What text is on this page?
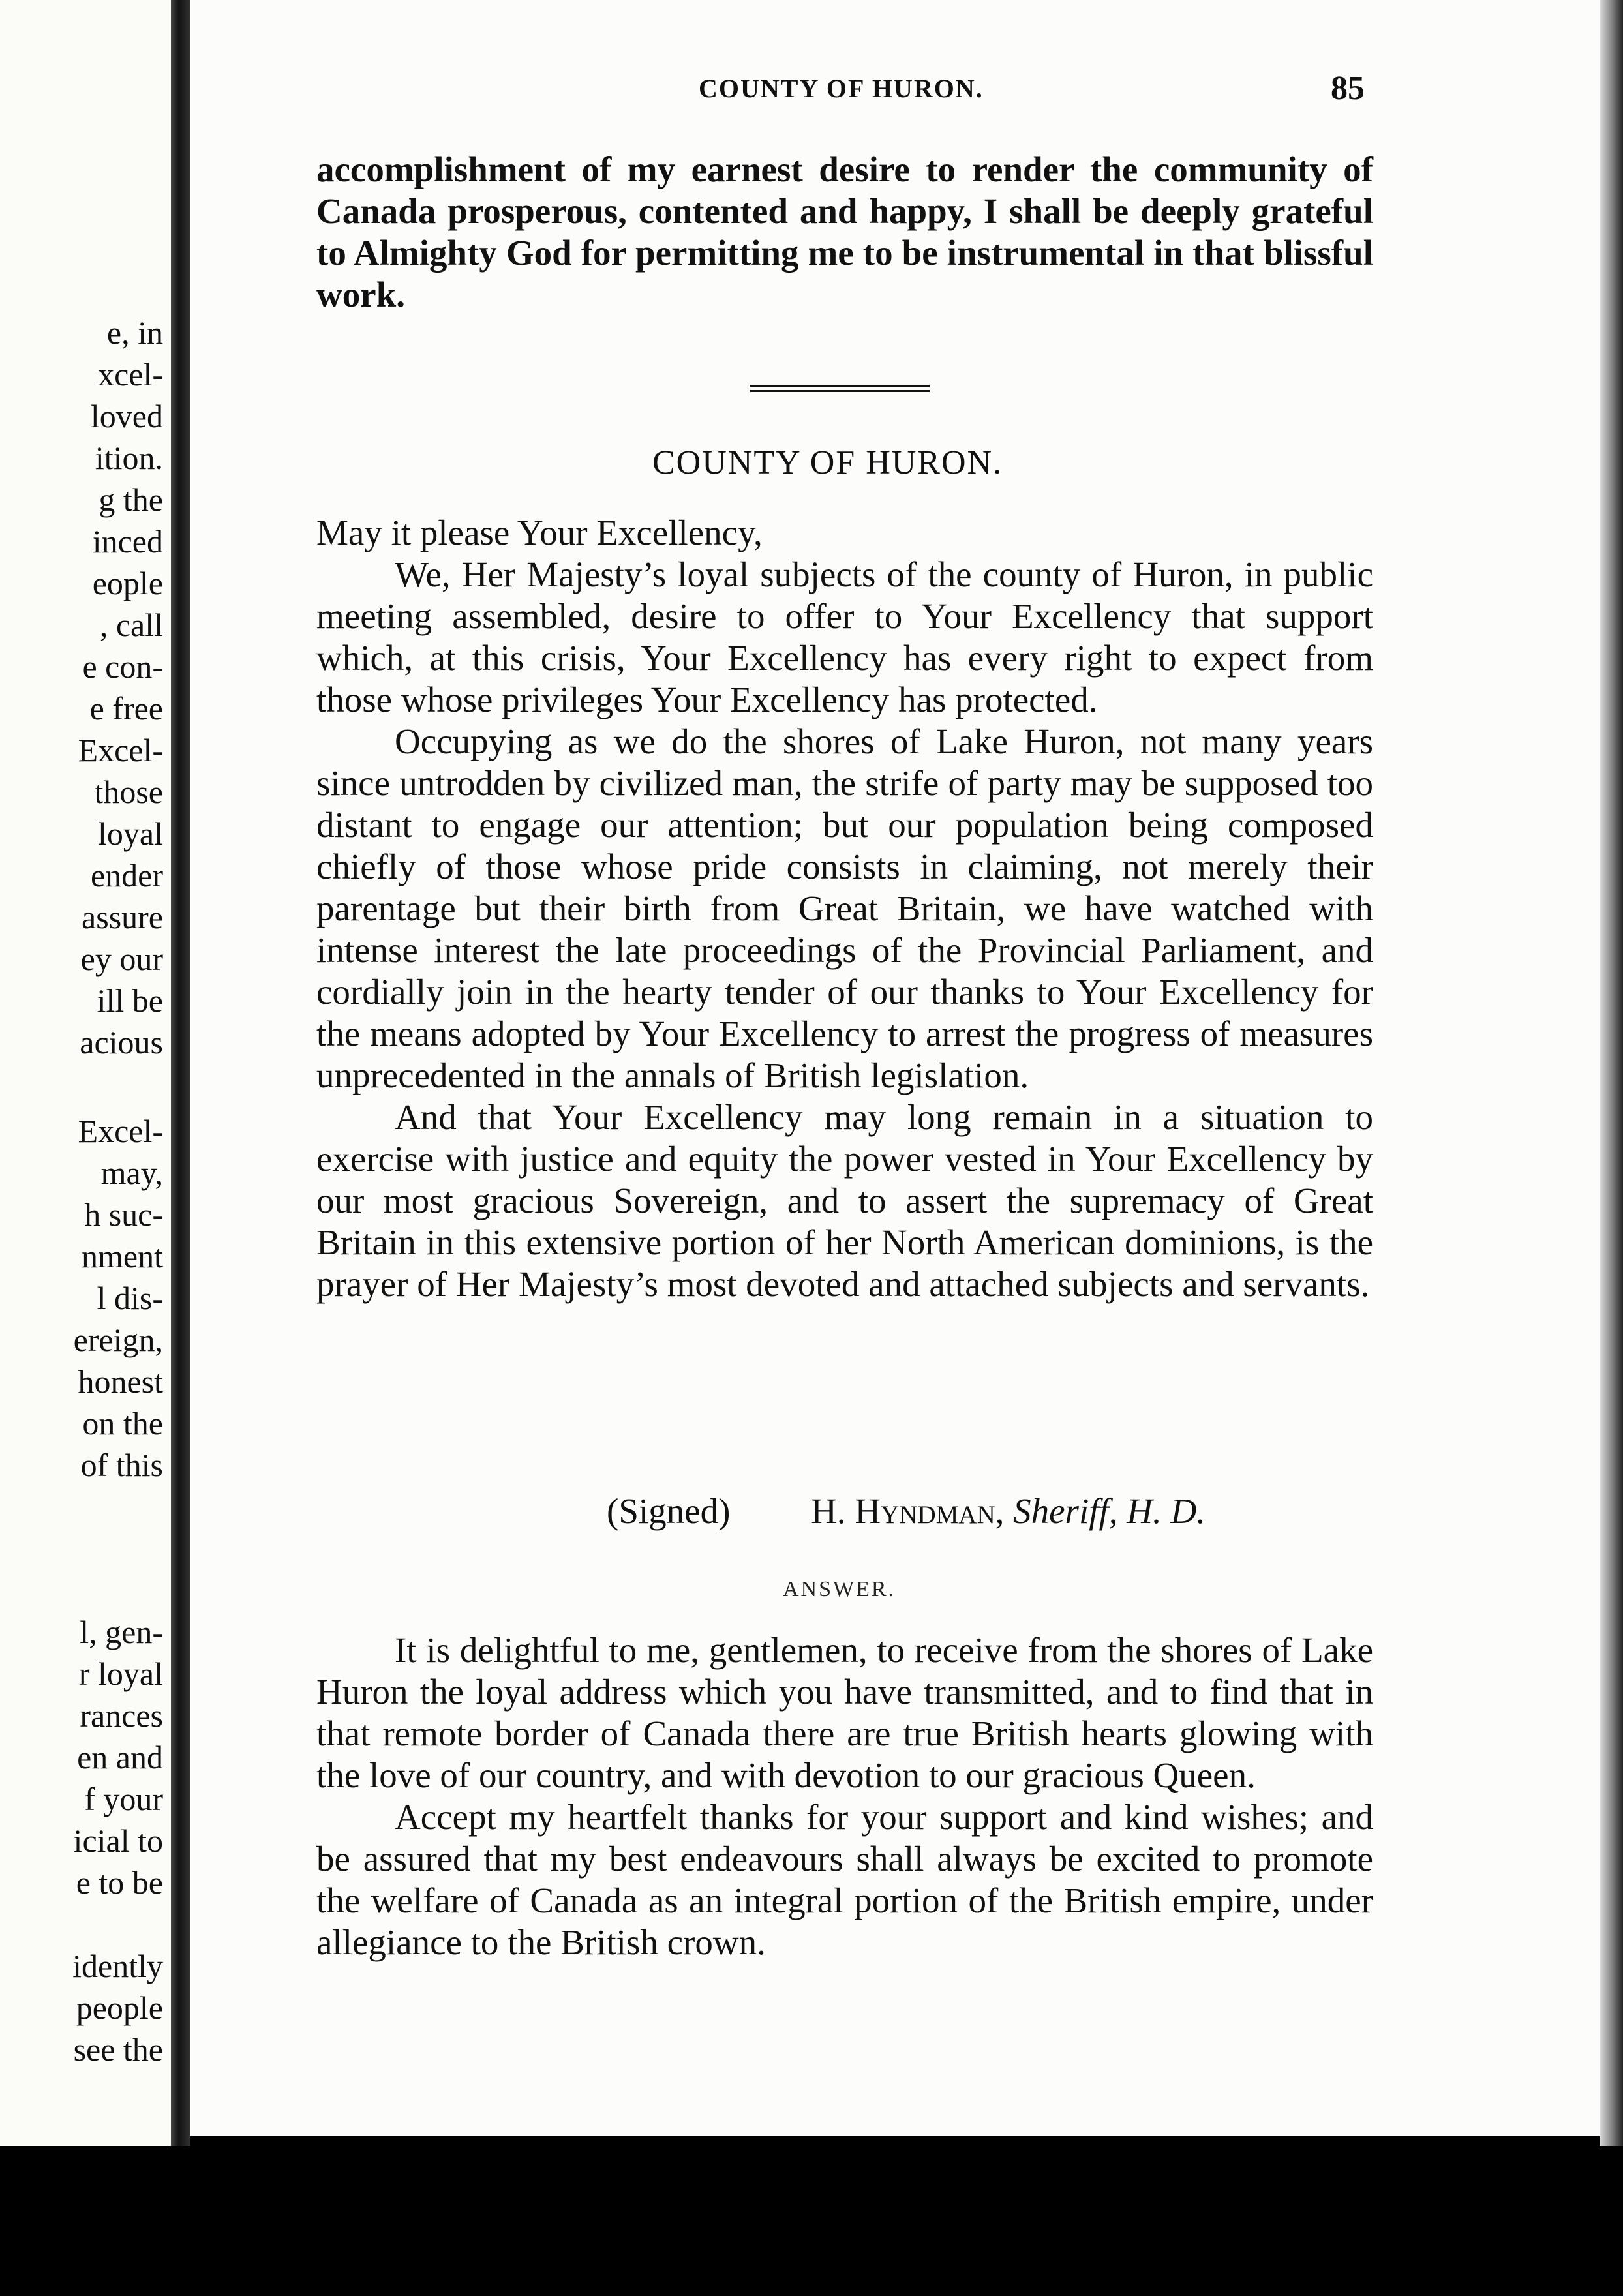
e, in
xcel-
loved
ition.
g the
inced
eople
, call
e con-
e free
Excel-
those
loyal
ender
assure
ey our
ill be
acious
Excel-
may,
h suc-
nment
l dis-
ereign,
honest
on the
of this
l, gen-
r loyal
rances
en and
f your
icial to
e to be
idently
people
see the
COUNTY OF HURON.	85

accomplishment of my earnest desire to render the community of Canada prosperous, contented and happy, I shall be deeply grateful to Almighty God for permitting me to be instrumental in that blissful work.

COUNTY OF HURON.

May it please Your Excellency,

We, Her Majesty’s loyal subjects of the county of Huron, in public meeting assembled, desire to offer to Your Excellency that support which, at this crisis, Your Excellency has every right to expect from those whose privileges Your Excellency has protected.

Occupying as we do the shores of Lake Huron, not many years since untrodden by civilized man, the strife of party may be supposed too distant to engage our attention; but our population being composed chiefly of those whose pride consists in claiming, not merely their parentage but their birth from Great Britain, we have watched with intense interest the late proceedings of the Provincial Parliament, and cordially join in the hearty tender of our thanks to Your Excellency for the means adopted by Your Excellency to arrest the progress of measures unprecedented in the annals of British legislation.

And that Your Excellency may long remain in a situation to exercise with justice and equity the power vested in Your Excellency by our most gracious Sovereign, and to assert the supremacy of Great Britain in this extensive portion of her North American dominions, is the prayer of Her Majesty’s most devoted and attached subjects and servants.

(Signed) H. Hyndman, Sheriff, H. D.
ANSWER.

It is delightful to me, gentlemen, to receive from the shores of Lake Huron the loyal address which you have transmitted, and to find that in that remote border of Canada there are true British hearts glowing with the love of our country, and with devotion to our gracious Queen.

Accept my heartfelt thanks for your support and kind wishes; and be assured that my best endeavours shall always be excited to promote the welfare of Canada as an integral portion of the British empire, under allegiance to the British crown.
